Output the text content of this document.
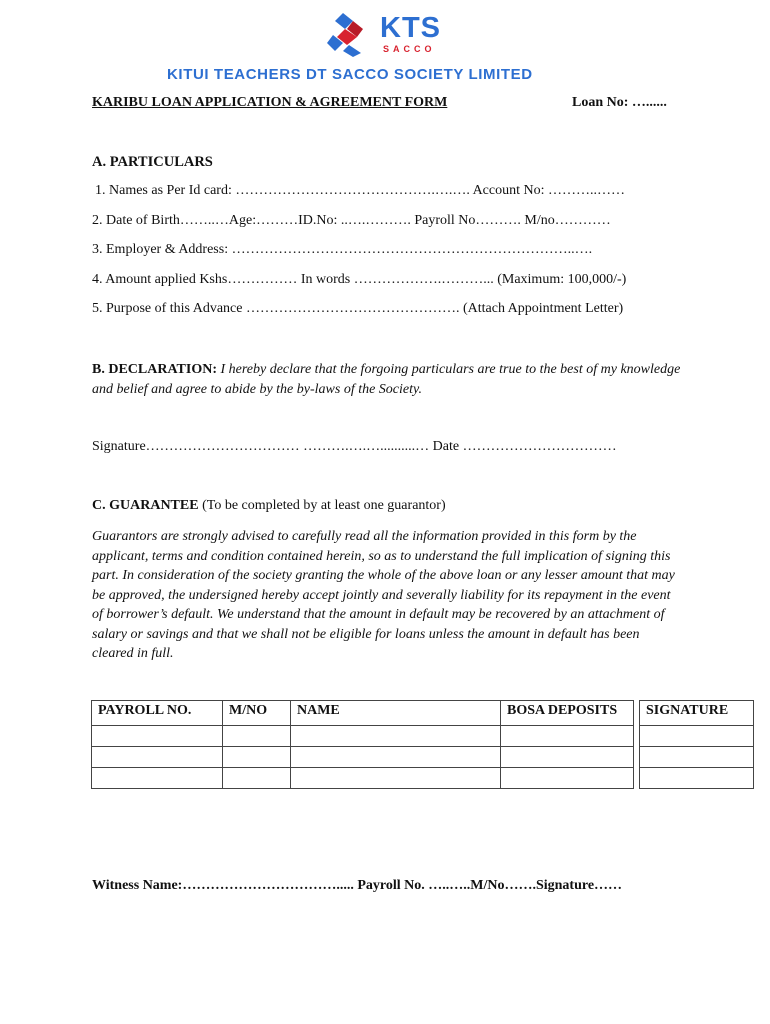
KTS
SACCO
KITUI TEACHERS DT SACCO SOCIETY LIMITED
KARIBU LOAN APPLICATION & AGREEMENT FORM	Loan No: …......
A. PARTICULARS
1. Names as Per Id card: …………………………………….….…. Account No: ………..……
2. Date of Birth……..…Age:………ID.No: ..….………. Payroll No………. M/no…………
3. Employer & Address: ………………………………………………………………..….
4. Amount applied Kshs…………… In words ……………….………... (Maximum: 100,000/-)
5. Purpose of this Advance ………………………………………. (Attach Appointment Letter)
B. DECLARATION: I hereby declare that the forgoing particulars are true to the best of my knowledge and belief and agree to abide by the by-laws of the Society.
Signature…………………………… ……….….…..........… Date ……………………………
C. GUARANTEE (To be completed by at least one guarantor)
Guarantors are strongly advised to carefully read all the information provided in this form by the applicant, terms and condition contained herein, so as to understand the full implication of signing this part. In consideration of the society granting the whole of the above loan or any lesser amount that may be approved, the undersigned hereby accept jointly and severally liability for its repayment in the event of borrower’s default. We understand that the amount in default may be recovered by an attachment of salary or savings and that we shall not be eligible for loans unless the amount in default has been cleared in full.
PAYROLL NO.	M/NO	NAME	BOSA DEPOSITS		SIGNATURE

Witness Name:……………………………..... Payroll No. …..…..M/No…….Signature……
